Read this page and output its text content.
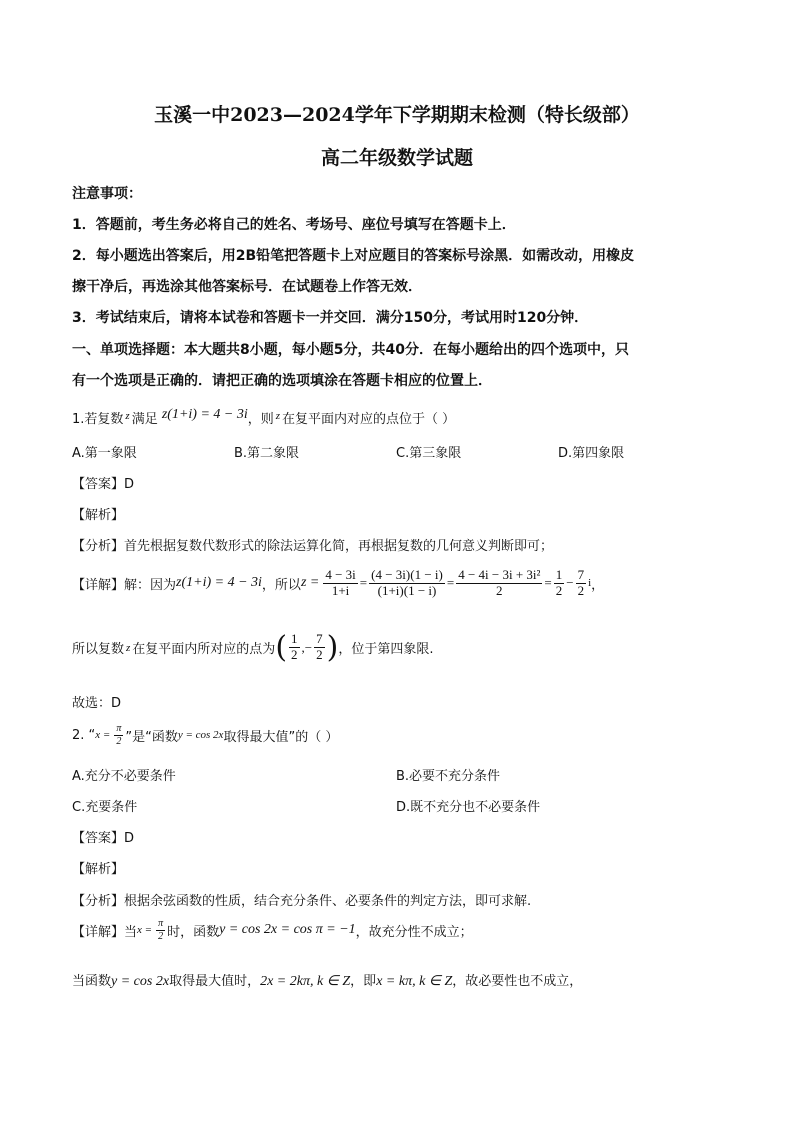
玉溪一中2023—2024学年下学期期末检测（特长级部）
高二年级数学试题
注意事项：
1．答题前，考生务必将自己的姓名、考场号、座位号填写在答题卡上．
2．每小题选出答案后，用2B铅笔把答题卡上对应题目的答案标号涂黑．如需改动，用橡皮
擦干净后，再选涂其他答案标号．在试题卷上作答无效．
3．考试结束后，请将本试卷和答题卡一并交回．满分150分，考试用时120分钟．
一、单项选择题：本大题共8小题，每小题5分，共40分．在每小题给出的四个选项中，只
有一个选项是正确的．请把正确的选项填涂在答题卡相应的位置上．
1.若复数 $^z$ 满足 z(1+i) = 4 − 3i，则 $^z$ 在复平面内对应的点位于（ ）
A.第一象限	B.第二象限	C.第三象限	D.第四象限
【答案】D
【解析】
【分析】首先根据复数代数形式的除法运算化简，再根据复数的几何意义判断即可；
【详解】解：因为 z(1+i) = 4 − 3i ，所以 $z = \frac{4 - 3i}{1+i} = \frac{(4 - 3i)(1 - i)}{(1+i)(1 - i)} = \frac{\text{4 − 4i − 3i + 3i²}}{2} = \frac{1}{2} - \frac{7}{2}$ i ，
所以复数 z 在复平面内所对应的点为 ( $\frac{1}{2}$ ,− $\frac{7}{2}$ ) ，位于第四象限.
故选：D
2. “ $x = \frac{\pi}{2}$ ”是“函数 y = cos 2x 取得最大值”的（ ）
A.充分不必要条件	B.必要不充分条件
C.充要条件	D.既不充分也不必要条件
【答案】D
【解析】
【分析】根据余弦函数的性质，结合充分条件、必要条件的判定方法，即可求解.
【详解】当 $x = \frac{\pi}{2}$ 时，函数 y = cos 2x = cos π = −1 ，故充分性不成立；
当函数y = cos 2x取得最大值时，2x = 2kπ, k ∈ Z，即x = kπ, k ∈ Z，故必要性也不成立，
